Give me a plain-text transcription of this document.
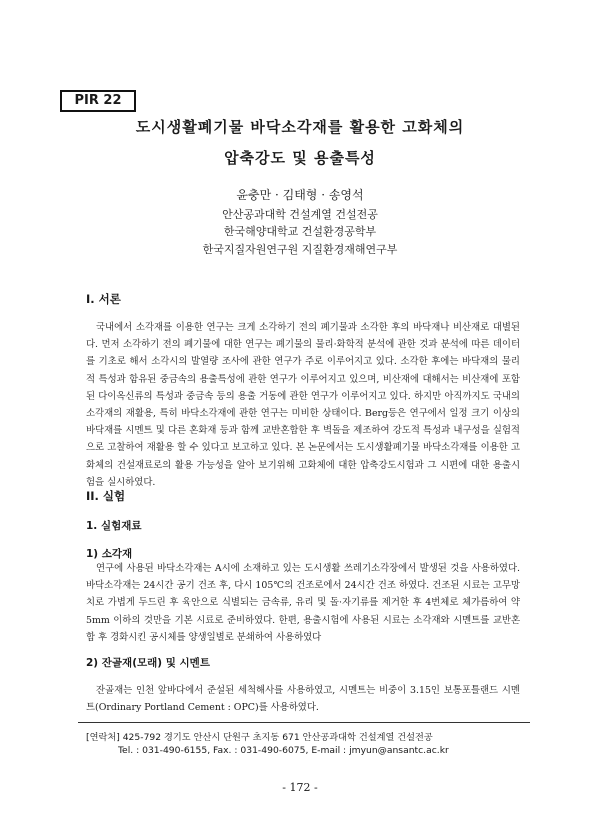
PIR 22
도시생활폐기물 바닥소각재를 활용한 고화체의
압축강도 및 용출특성
윤충만 · 김태형 · 송영석
안산공과대학 건설계열 건설전공
한국해양대학교 건설환경공학부
한국지질자원연구원 지질환경재해연구부
I. 서론

국내에서 소각재를 이용한 연구는 크게 소각하기 전의 폐기물과 소각한 후의 바닥재나 비산재로 대별된다. 먼저 소각하기 전의 폐기물에 대한 연구는 폐기물의 물리·화학적 분석에 관한 것과 분석에 따른 데이터를 기초로 해서 소각시의 발열량 조사에 관한 연구가 주로 이루어지고 있다. 소각한 후에는 바닥재의 물리적 특성과 함유된 중금속의 용출특성에 관한 연구가 이루어지고 있으며, 비산재에 대해서는 비산재에 포함된 다이옥신류의 특성과 중금속 등의 용출 거동에 관한 연구가 이루어지고 있다. 하지만 아직까지도 국내의 소각재의 재활용, 특히 바닥소각재에 관한 연구는 미비한 상태이다. Berg등은 연구에서 일정 크기 이상의 바닥재를 시멘트 및 다른 혼화재 등과 함께 교반혼합한 후 벽돌을 제조하여 강도적 특성과 내구성을 실험적으로 고찰하여 재활용 할 수 있다고 보고하고 있다. 본 논문에서는 도시생활폐기물 바닥소각재를 이용한 고화체의 건설재료로의 활용 가능성을 알아 보기위해 고화체에 대한 압축강도시험과 그 시편에 대한 용출시험을 실시하였다.

II. 실험
1. 실험재료
1) 소각재

연구에 사용된 바닥소각재는 A시에 소재하고 있는 도시생활 쓰레기소각장에서 발생된 것을 사용하였다. 바닥소각재는 24시간 공기 건조 후, 다시 105℃의 건조로에서 24시간 건조 하였다. 건조된 시료는 고무망치로 가볍게 두드린 후 육안으로 식별되는 금속류, 유리 및 돌·자기류를 제거한 후 4번체로 체가름하여 약 5mm 이하의 것만을 기본 시료로 준비하였다. 한편, 용출시험에 사용된 시료는 소각재와 시멘트를 교반혼합 후 경화시킨 공시체를 양생일별로 분쇄하여 사용하였다

2) 잔골재(모래) 및 시멘트

잔골재는 인천 앞바다에서 준설된 세척해사를 사용하였고, 시멘트는 비중이 3.15인 보통포틀랜드 시멘트(Ordinary Portland Cement : OPC)를 사용하였다.

[연락처] 425-792 경기도 안산시 단원구 초지동 671 안산공과대학 건설계열 건설전공
Tel. : 031-490-6155, Fax. : 031-490-6075, E-mail : jmyun@ansantc.ac.kr
- 172 -
